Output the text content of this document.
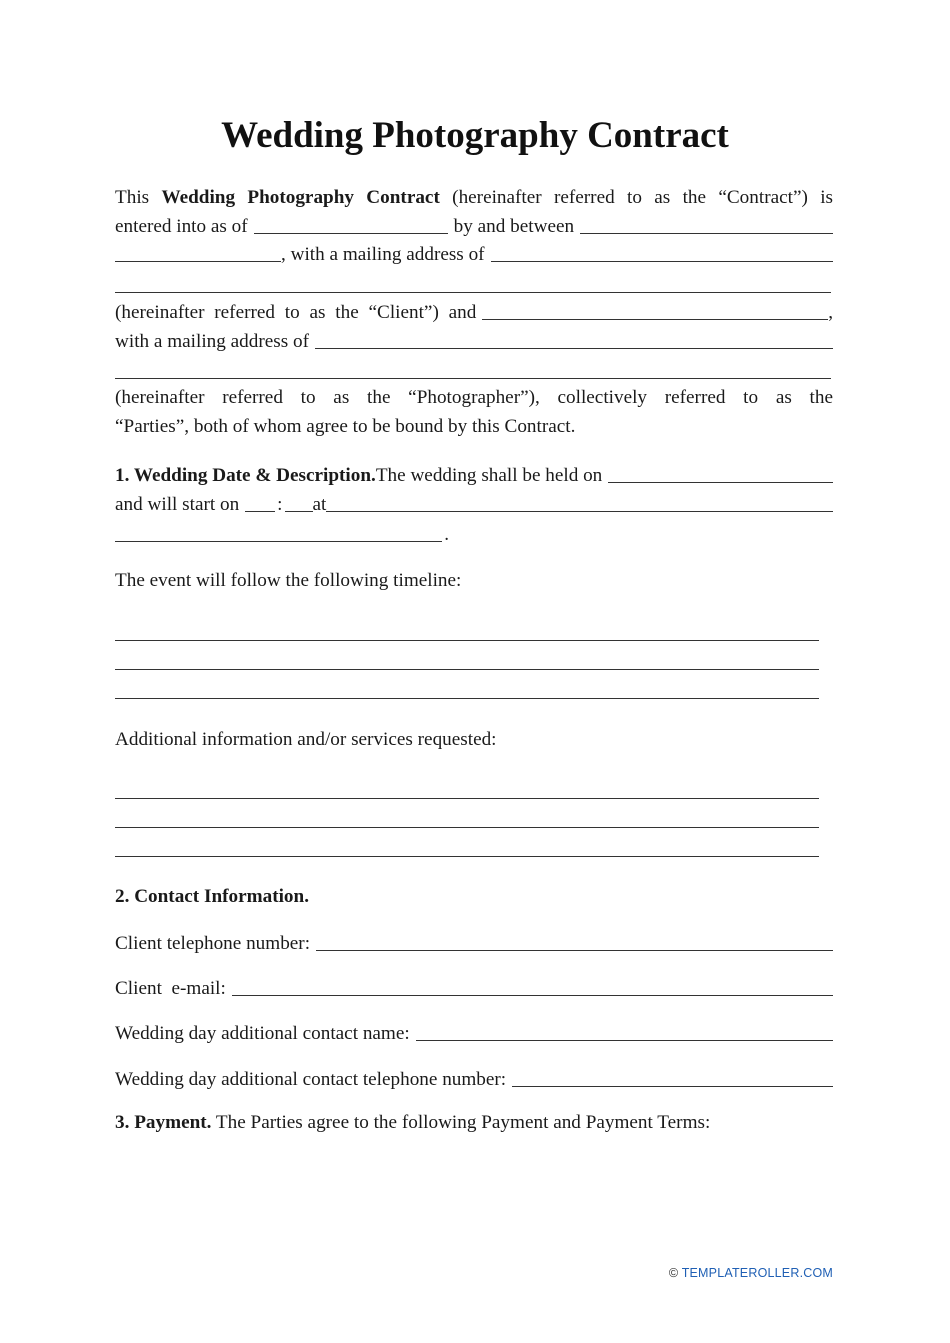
Wedding Photography Contract
This Wedding Photography Contract (hereinafter referred to as the “Contract”) is
entered into as of	by and between
, with a mailing address of
(hereinafter referred to as the “Client”) and	,
with a mailing address of
(hereinafter referred to as the “Photographer”), collectively referred to as the
“Parties”, both of whom agree to be bound by this Contract.
1. Wedding Date & Description. The wedding shall be held on
and will start on	: at
.
The event will follow the following timeline:
Additional information and/or services requested:
2. Contact Information.
Client telephone number:
Client  e-mail:
Wedding day additional contact name:
Wedding day additional contact telephone number:
3. Payment. The Parties agree to the following Payment and Payment Terms:
© TEMPLATEROLLER.COM
